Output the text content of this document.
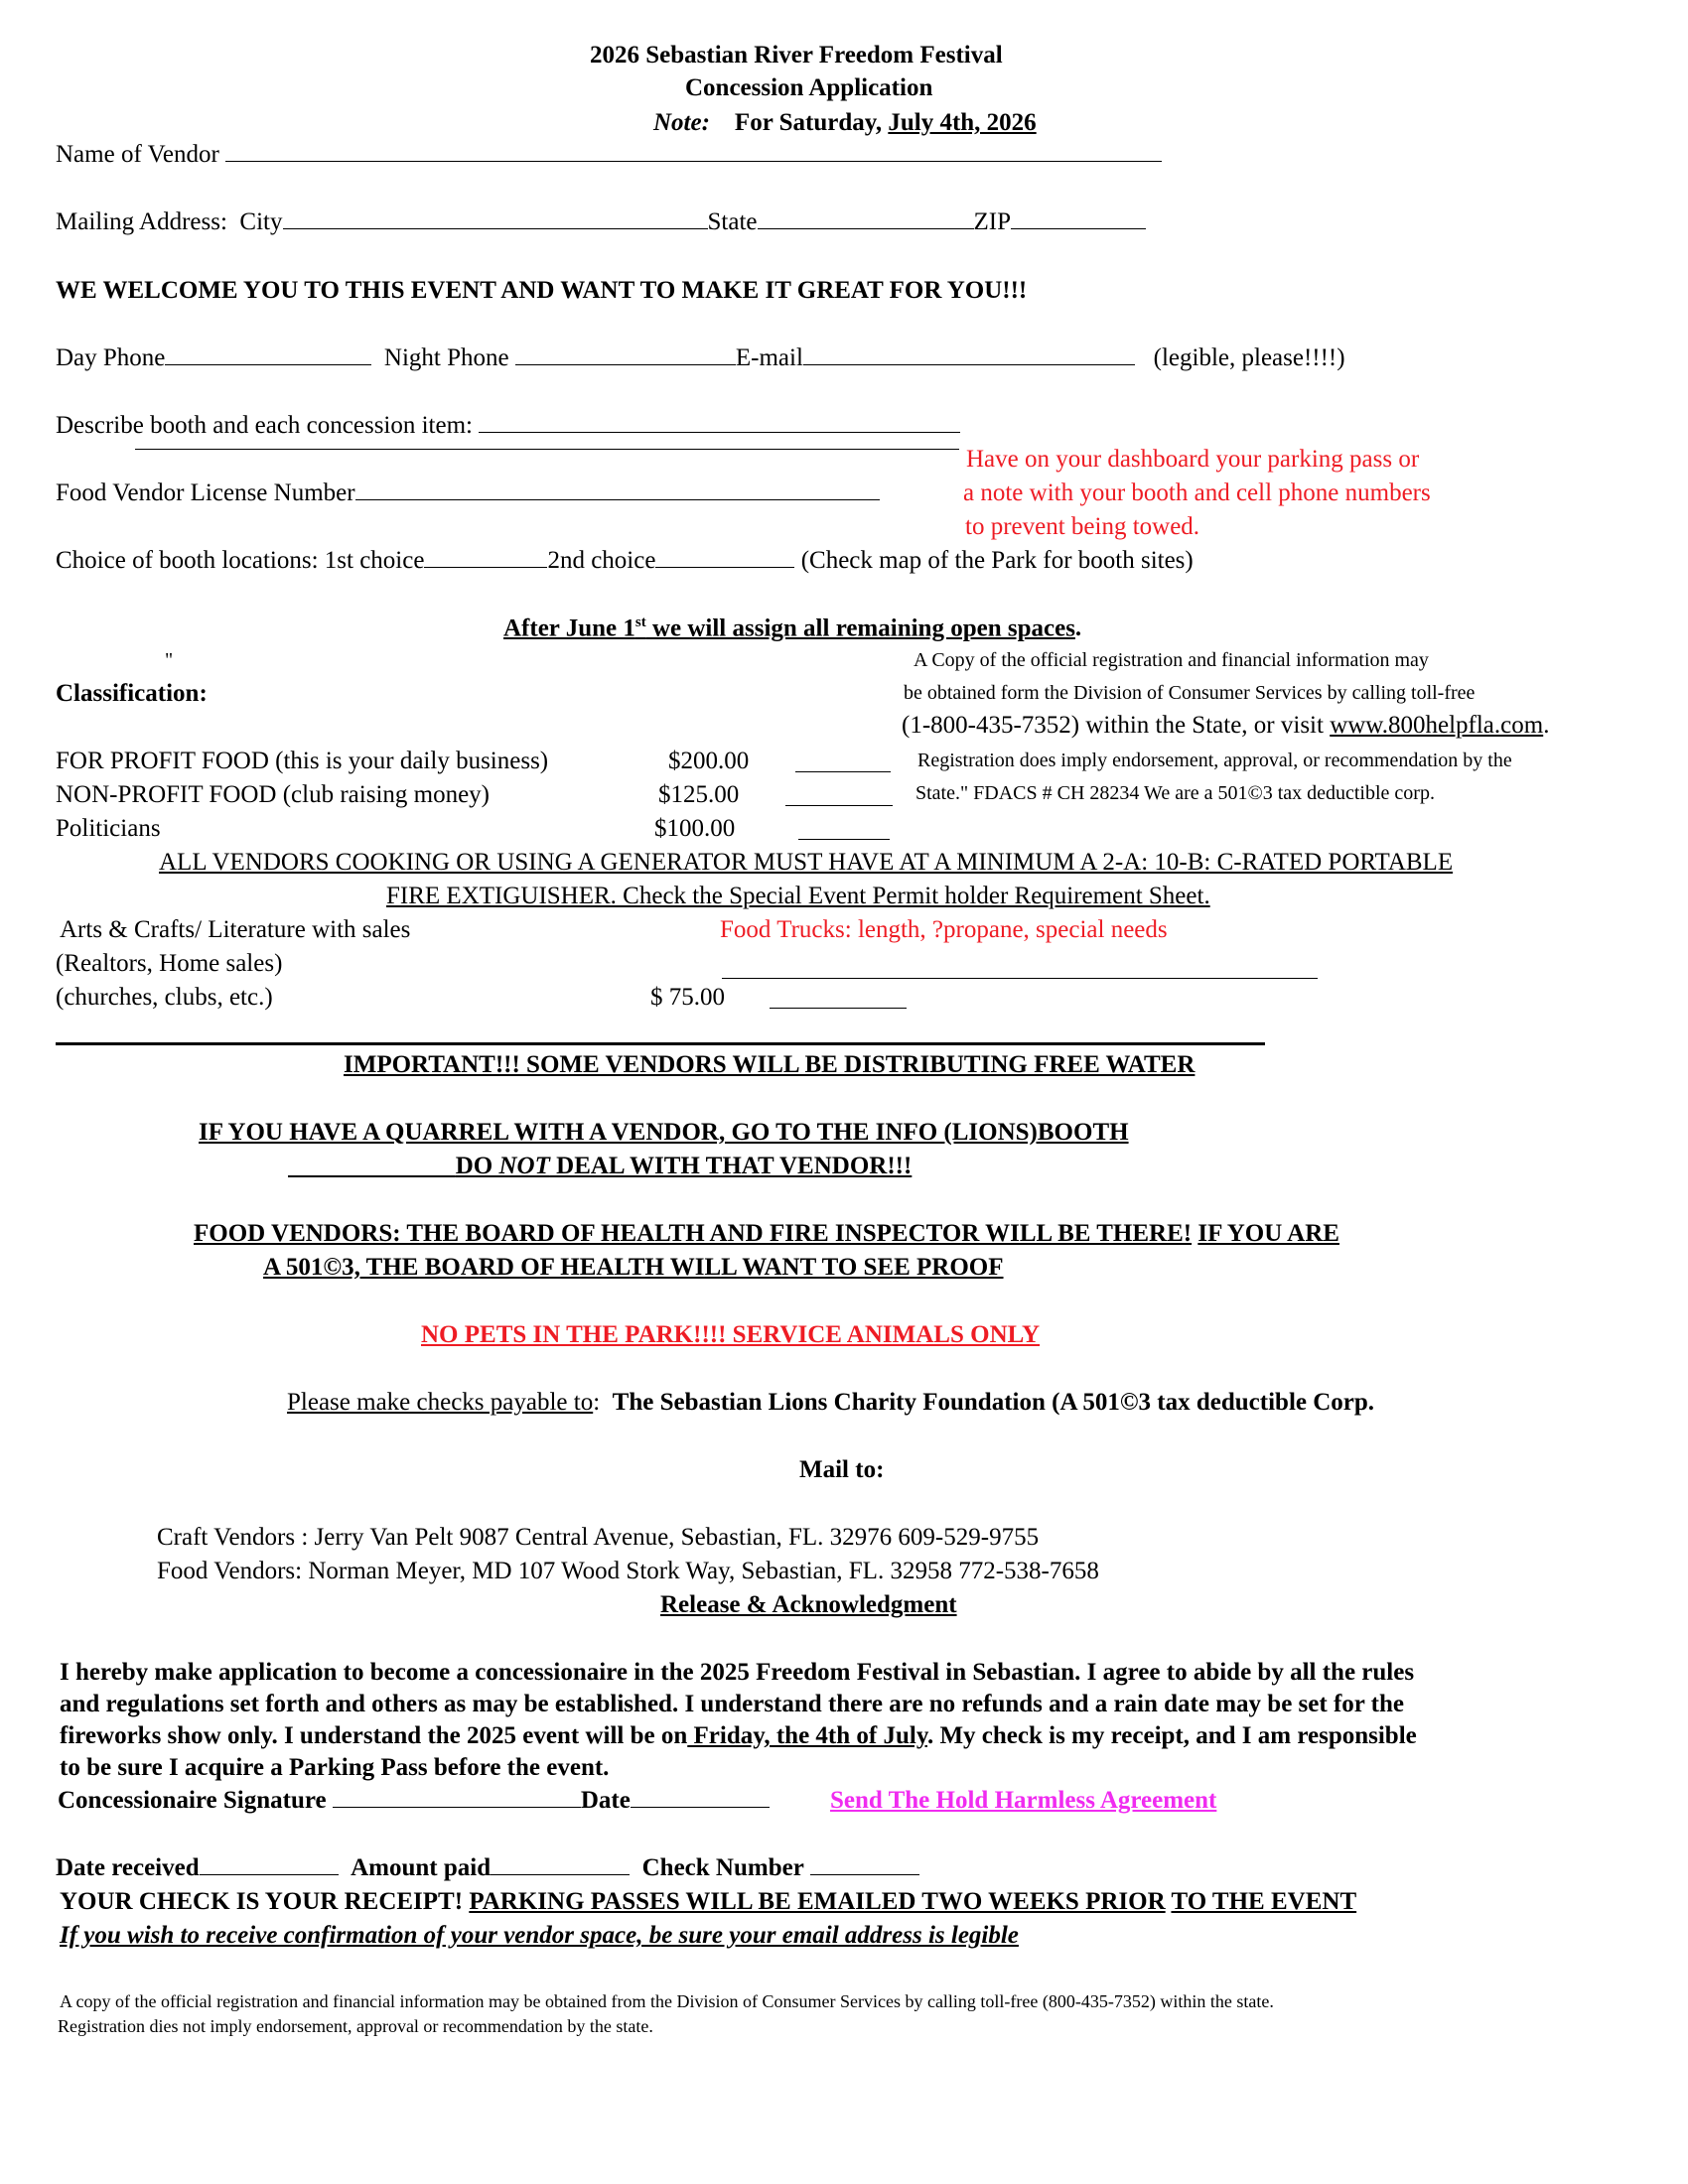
2026 Sebastian River Freedom Festival
Concession Application
Note: For Saturday, July 4th, 2026
Name of Vendor
Mailing Address: City	State	ZIP
WE WELCOME YOU TO THIS EVENT AND WANT TO MAKE IT GREAT FOR YOU!!!
Day Phone	Night Phone	E-mail	(legible, please!!!!)
Describe booth and each concession item:
Have on your dashboard your parking pass or
a note with your booth and cell phone numbers
to prevent being towed.
Food Vendor License Number
Choice of booth locations: 1st choice	2nd choice	(Check map of the Park for booth sites)
After June 1st we will assign all remaining open spaces.
"	A Copy of the official registration and financial information may
be obtained form the Division of Consumer Services by calling toll-free
(1-800-435-7352) within the State, or visit www.800helpfla.com.
Registration does imply endorsement, approval, or recommendation by the
State." FDACS # CH 28234 We are a 501©3 tax deductible corp.
Classification:
FOR PROFIT FOOD (this is your daily business)	$200.00
NON-PROFIT FOOD (club raising money)	$125.00
Politicians	$100.00
ALL VENDORS COOKING OR USING A GENERATOR MUST HAVE AT A MINIMUM A 2-A: 10-B: C-RATED PORTABLE
FIRE EXTIGUISHER. Check the Special Event Permit holder Requirement Sheet.
Arts & Crafts/ Literature with sales	Food Trucks: length, ?propane, special needs
(Realtors, Home sales)
(churches, clubs, etc.)	$ 75.00
IMPORTANT!!! SOME VENDORS WILL BE DISTRIBUTING FREE WATER
IF YOU HAVE A QUARREL WITH A VENDOR, GO TO THE INFO (LIONS)BOOTH
DO NOT DEAL WITH THAT VENDOR!!!
FOOD VENDORS: THE BOARD OF HEALTH AND FIRE INSPECTOR WILL BE THERE! IF YOU ARE
A 501©3, THE BOARD OF HEALTH WILL WANT TO SEE PROOF
NO PETS IN THE PARK!!!! SERVICE ANIMALS ONLY
Please make checks payable to: The Sebastian Lions Charity Foundation (A 501©3 tax deductible Corp.
Mail to:
Craft Vendors : Jerry Van Pelt 9087 Central Avenue, Sebastian, FL. 32976 609-529-9755
Food Vendors: Norman Meyer, MD 107 Wood Stork Way, Sebastian, FL. 32958 772-538-7658
Release & Acknowledgment
I hereby make application to become a concessionaire in the 2025 Freedom Festival in Sebastian. I agree to abide by all the rules
and regulations set forth and others as may be established. I understand there are no refunds and a rain date may be set for the
fireworks show only. I understand the 2025 event will be on Friday, the 4th of July. My check is my receipt, and I am responsible
to be sure I acquire a Parking Pass before the event.
Concessionaire Signature	Date	Send The Hold Harmless Agreement
Date received	Amount paid	Check Number
YOUR CHECK IS YOUR RECEIPT! PARKING PASSES WILL BE EMAILED TWO WEEKS PRIOR TO THE EVENT
If you wish to receive confirmation of your vendor space, be sure your email address is legible
A copy of the official registration and financial information may be obtained from the Division of Consumer Services by calling toll-free (800-435-7352) within the state.
Registration dies not imply endorsement, approval or recommendation by the state.
